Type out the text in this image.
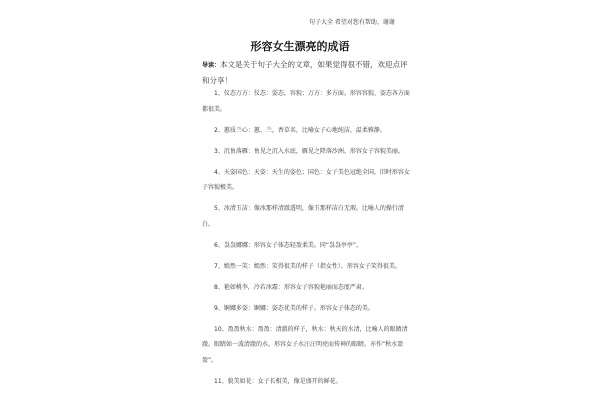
句子大全 希望对您有帮助，谢谢
形容女生漂亮的成语
导读：本文是关于句子大全的文章，如果觉得很不错，欢迎点评和分享！
1、仪态万方：仪态：姿态，容貌；万方：多方面。形容容貌、姿态各方面都很美。
2、蕙质兰心：蕙、兰，香草名，比喻女子心地纯洁，温柔雅静。
3、沉鱼落雁：鱼见之沉入水底，雁见之降落沙洲。形容女子容貌美丽。
4、天姿国色：天姿：天生的姿色；国色：女子美色冠绝全国。旧时形容女子容貌极美。
5、冰清玉洁：像冰那样清澈透明，像玉那样洁白无瑕。比喻人的操行清白。
6、袅袅娜娜：形容女子体态轻盈柔美。同“袅袅亭亭”。
7、嫣然一笑：嫣然：笑得很美的样子（指女性）。形容女子笑得很美。
8、艳如桃李，冷若冰霜：形容女子容貌艳丽而态度严肃。
9、婀娜多姿：婀娜：姿态优美的样子。形容女子体态的美。
10、盈盈秋水：盈盈：清澈的样子，秋水：秋天的水清，比喻人的眼睛清澈。眼睛如一波清澈的水。形容女子水汪汪明亮而传神的眼睛。亦作“秋水盈盈”。
11、貌美如花：女子长相美，像是盛开的鲜花。
